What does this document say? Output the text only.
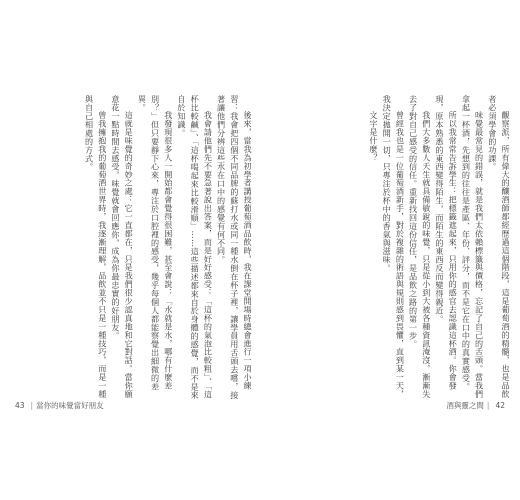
後來，當我為初學者講授葡萄酒品飲時，我在課堂開場時總會進行一項小練習：我會把四個不同品牌的蘇打水或同一種水倒在杯子裡，讓學員用舌頭去嚐，接著讓他們分辨這些水在口中的感覺有何不同。

我會請他們先不要急著說出答案，而是好好感受：「這杯的氣泡比較粗」、「這杯比較鹹」、「這杯喝起來比較滑順」……這些描述都來自於身體的感覺，而不是來自於知識。

我發現很多人一開始都會覺得很困難，甚至會說：「水就是水，哪有什麼差別？」但只要靜下心來，專注於口腔裡的感受，幾乎每個人都能察覺出細微的差異。

這就是味覺的奇妙之處：它一直都在，只是我們很少認真地和它對話。當你願意花一點時間去感受，味覺就會回應你，成為你最忠實的好朋友。

曾我擁抱我的葡萄酒世界時，我逐漸理解，品飲並不只是一種技巧，而是一種與自己相處的方式。

43 | 當你的味覺當好朋友

觀察派，所有偉大的釀酒師都經歷過這個階段，這是葡萄酒的精髓，也是品飲者必須學會的功課。

味覺最常見的錯誤，就是我們太依賴標籤與價格，忘記了自己的舌頭。當我們拿起一杯酒，先想到的往往是產區、年份、評分，而不是它在口中的真實感受。

所以我常常告訴學生：把標籤遮起來，只用你的感官去認識這杯酒。你會發現，原本熟悉的東西變得陌生，而陌生的東西反而變得親近。

我們大多數人天生就具備敏銳的味覺，只是從小到大被各種資訊淹沒，漸漸失去了對自己感受的信任。重新找回這份信任，是品飲之路的第一步。

曾經我也是一位葡萄酒新手，對於複雜的術語與規則感到畏懼，直到某一天，我決定拋開一切，只專注於杯中的香氣與滋味。

文字是什麼？

酒與靈之間 | 42
